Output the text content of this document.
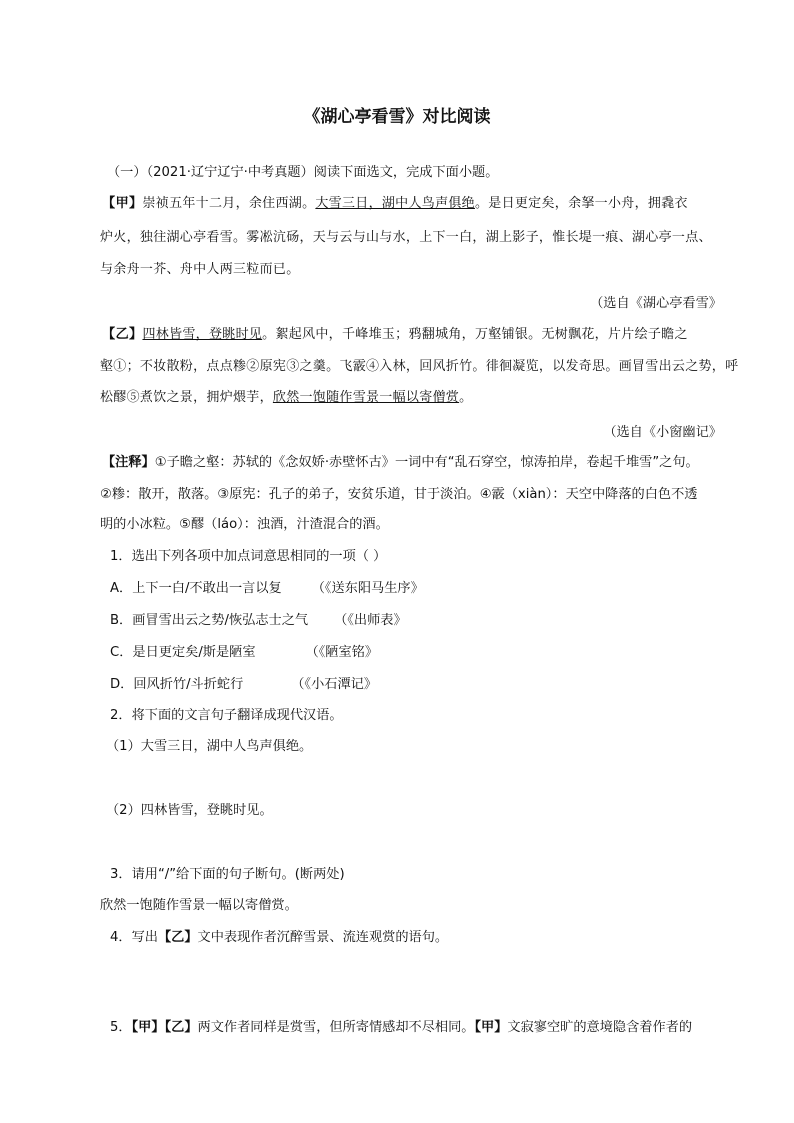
《湖心亭看雪》对比阅读
（一）（2021·辽宁辽宁·中考真题）阅读下面选文，完成下面小题。
【甲】崇祯五年十二月，余住西湖。大雪三日，湖中人鸟声俱绝。是日更定矣，余拏一小舟，拥毳衣
炉火，独往湖心亭看雪。雾凇沆砀，天与云与山与水，上下一白，湖上影子，惟长堤一痕、湖心亭一点、
与余舟一芥、舟中人两三粒而已。
（选自《湖心亭看雪》
【乙】四林皆雪，登眺时见。絮起风中，千峰堆玉；鸦翻城角，万壑铺银。无树飘花，片片绘子瞻之
壑①；不妆散粉，点点糁②原宪③之羹。飞霰④入林，回风折竹。徘徊凝览，以发奇思。画冒雪出云之势，呼
松醪⑤煮饮之景，拥炉煨芋，欣然一饱随作雪景一幅以寄僧赏。
（选自《小窗幽记》
【注释】①子瞻之壑：苏轼的《念奴娇·赤壁怀古》一词中有“乱石穿空，惊涛拍岸，卷起千堆雪”之句。
②糁：散开，散落。③原宪：孔子的弟子，安贫乐道，甘于淡泊。④霰（xiàn）：天空中降落的白色不透
明的小冰粒。⑤醪（láo）：浊酒，汁渣混合的酒。
1．选出下列各项中加点词意思相同的一项（ ）
A．上下一白/不敢出一言以复 （《送东阳马生序》
B．画冒雪出云之势/恢弘志士之气 （《出师表》
C．是日更定矣/斯是陋室	（《陋室铭》
D．回风折竹/斗折蛇行	（《小石潭记》
2．将下面的文言句子翻译成现代汉语。
（1）大雪三日，湖中人鸟声俱绝。
（2）四林皆雪，登眺时见。
3．请用“/”给下面的句子断句。(断两处)
欣然一饱随作雪景一幅以寄僧赏。
4．写出【乙】文中表现作者沉醉雪景、流连观赏的语句。
5．【甲】【乙】两文作者同样是赏雪，但所寄情感却不尽相同。【甲】文寂寥空旷的意境隐含着作者的
